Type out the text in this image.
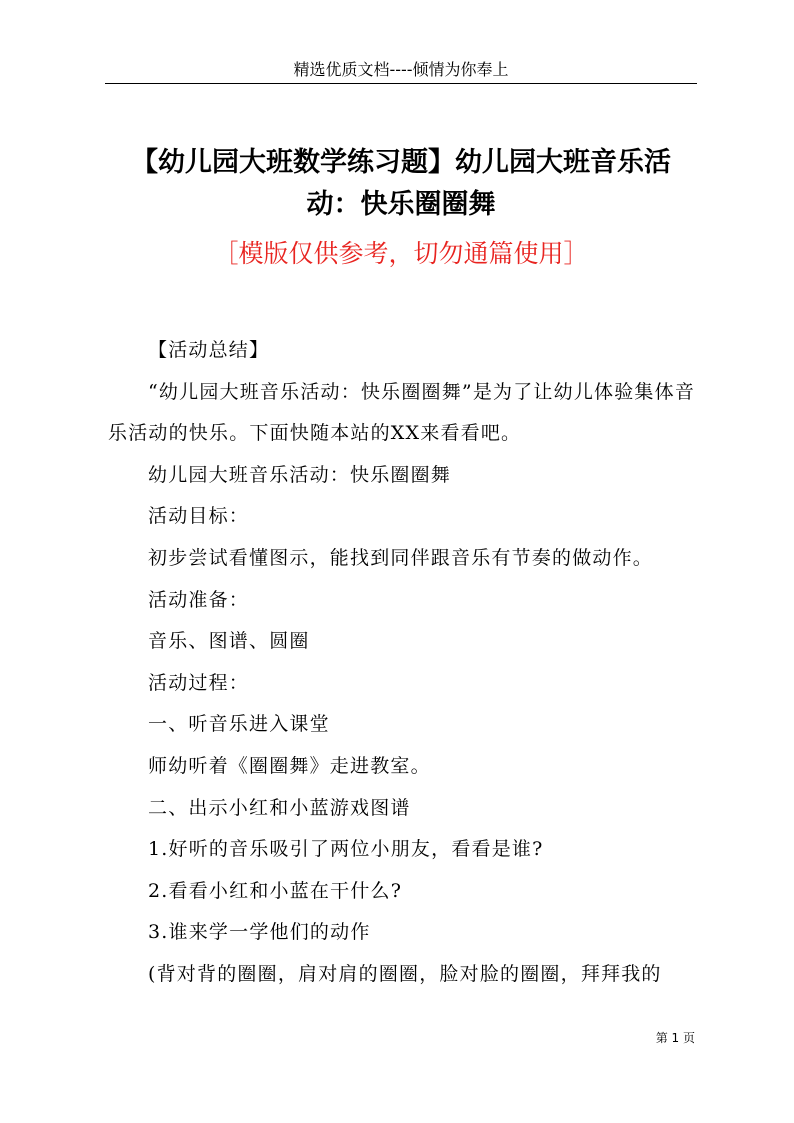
精选优质文档----倾情为你奉上
【幼儿园大班数学练习题】幼儿园大班音乐活
动：快乐圈圈舞
［模版仅供参考，切勿通篇使用］

【活动总结】

“幼儿园大班音乐活动：快乐圈圈舞”是为了让幼儿体验集体音乐活动的快乐。下面快随本站的XX来看看吧。

幼儿园大班音乐活动：快乐圈圈舞

活动目标：

初步尝试看懂图示，能找到同伴跟音乐有节奏的做动作。

活动准备：

音乐、图谱、圆圈

活动过程：

一、听音乐进入课堂

师幼听着《圈圈舞》走进教室。

二、出示小红和小蓝游戏图谱

1.好听的音乐吸引了两位小朋友，看看是谁?

2.看看小红和小蓝在干什么?

3.谁来学一学他们的动作

(背对背的圈圈，肩对肩的圈圈，脸对脸的圈圈，拜拜我的

第 1 页
